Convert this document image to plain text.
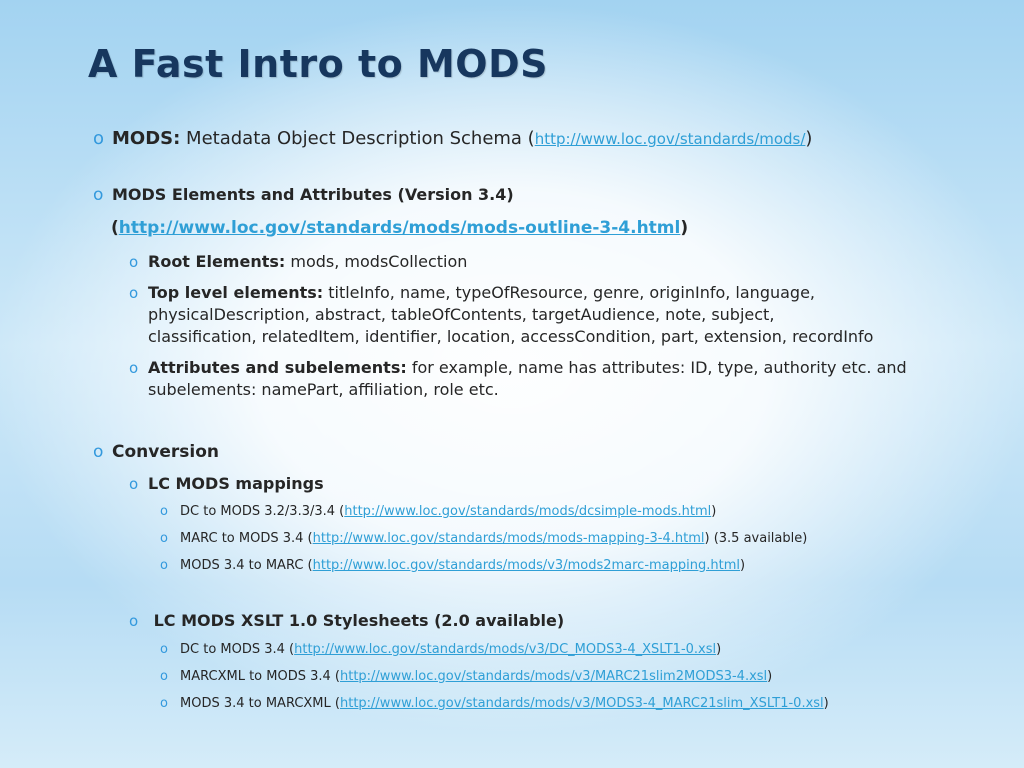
A Fast Intro to MODS
o MODS: Metadata Object Description Schema (http://www.loc.gov/standards/mods/)
o MODS Elements and Attributes (Version 3.4)
(http://www.loc.gov/standards/mods/mods-outline-3-4.html)
o Root Elements: mods, modsCollection
o Top level elements: titleInfo, name, typeOfResource, genre, originInfo, language,
physicalDescription, abstract, tableOfContents, targetAudience, note, subject,
classification, relatedItem, identifier, location, accessCondition, part, extension, recordInfo
o Attributes and subelements: for example, name has attributes: ID, type, authority etc. and
subelements: namePart, affiliation, role etc.
o Conversion
o LC MODS mappings
o DC to MODS 3.2/3.3/3.4 (http://www.loc.gov/standards/mods/dcsimple-mods.html)
o MARC to MODS 3.4 (http://www.loc.gov/standards/mods/mods-mapping-3-4.html) (3.5 available)
o MODS 3.4 to MARC (http://www.loc.gov/standards/mods/v3/mods2marc-mapping.html)
o LC MODS XSLT 1.0 Stylesheets (2.0 available)
o DC to MODS 3.4 (http://www.loc.gov/standards/mods/v3/DC_MODS3-4_XSLT1-0.xsl)
o MARCXML to MODS 3.4 (http://www.loc.gov/standards/mods/v3/MARC21slim2MODS3-4.xsl)
o MODS 3.4 to MARCXML (http://www.loc.gov/standards/mods/v3/MODS3-4_MARC21slim_XSLT1-0.xsl)
